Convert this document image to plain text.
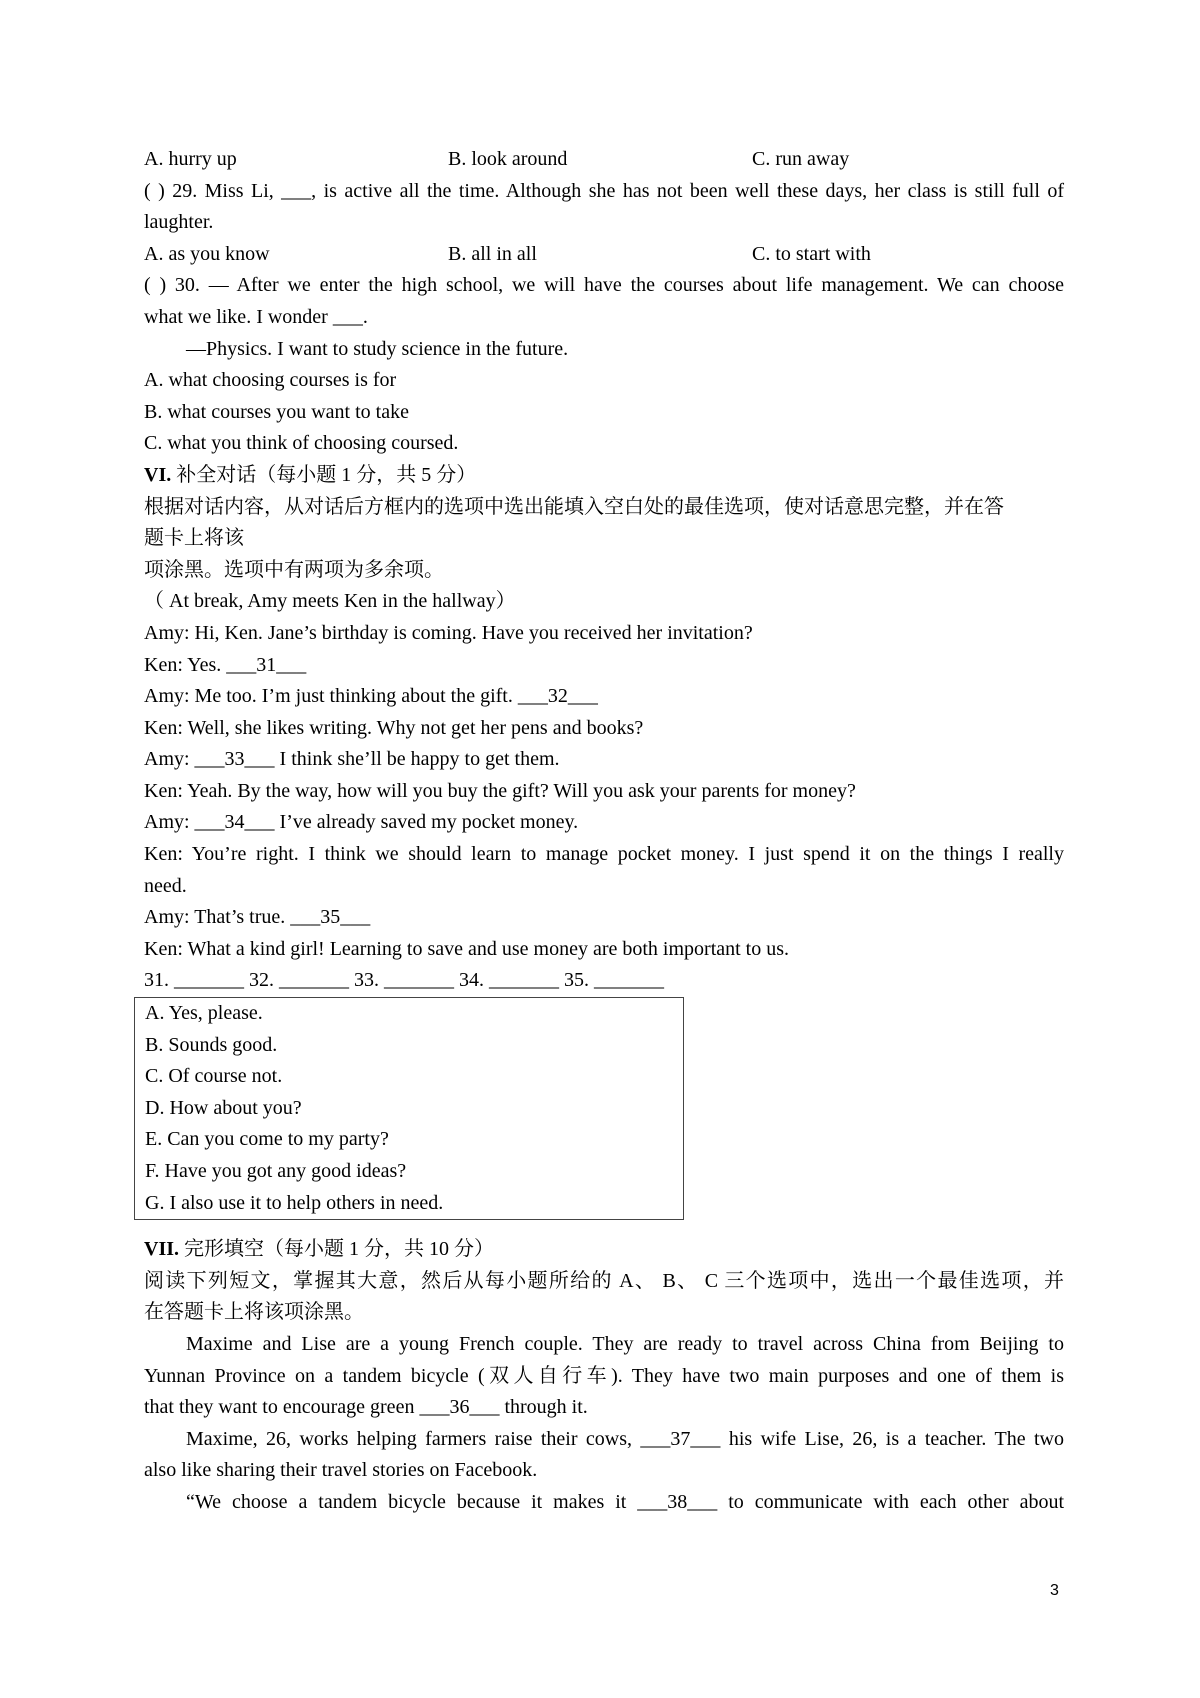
A. hurry up	B. look around	C. run away
( ) 29. Miss Li, ___, is active all the time. Although she has not been well these days, her class is still full of
laughter.
A. as you know	B. all in all	C. to start with
( ) 30. — After we enter the high school, we will have the courses about life management. We can choose
what we like. I wonder ___.
—Physics. I want to study science in the future.
A. what choosing courses is for
B. what courses you want to take
C. what you think of choosing coursed.
VI. 补全对话（每小题 1 分，共 5 分）
根据对话内容，从对话后方框内的选项中选出能填入空白处的最佳选项，使对话意思完整，并在答
题卡上将该
项涂黑。选项中有两项为多余项。
（ At break, Amy meets Ken in the hallway）
Amy: Hi, Ken. Jane’s birthday is coming. Have you received her invitation?
Ken: Yes. ___31___
Amy: Me too. I’m just thinking about the gift. ___32___
Ken: Well, she likes writing. Why not get her pens and books?
Amy: ___33___ I think she’ll be happy to get them.
Ken: Yeah. By the way, how will you buy the gift? Will you ask your parents for money?
Amy: ___34___ I’ve already saved my pocket money.
Ken: You’re right. I think we should learn to manage pocket money. I just spend it on the things I really
need.
Amy: That’s true. ___35___
Ken: What a kind girl! Learning to save and use money are both important to us.
31. _______ 32. _______ 33. _______ 34. _______ 35. _______
A. Yes, please.
B. Sounds good.
C. Of course not.
D. How about you?
E. Can you come to my party?
F. Have you got any good ideas?
G. I also use it to help others in need.
VII. 完形填空（每小题 1 分，共 10 分）
阅读下列短文，掌握其大意，然后从每小题所给的 A、 B、 C 三个选项中，选出一个最佳选项，并
在答题卡上将该项涂黑。
Maxime and Lise are a young French couple. They are ready to travel across China from Beijing to
Yunnan Province on a tandem bicycle (双人自行车). They have two main purposes and one of them is
that they want to encourage green ___36___ through it.
Maxime, 26, works helping farmers raise their cows, ___37___ his wife Lise, 26, is a teacher. The two
also like sharing their travel stories on Facebook.
“We choose a tandem bicycle because it makes it ___38___ to communicate with each other about
3
